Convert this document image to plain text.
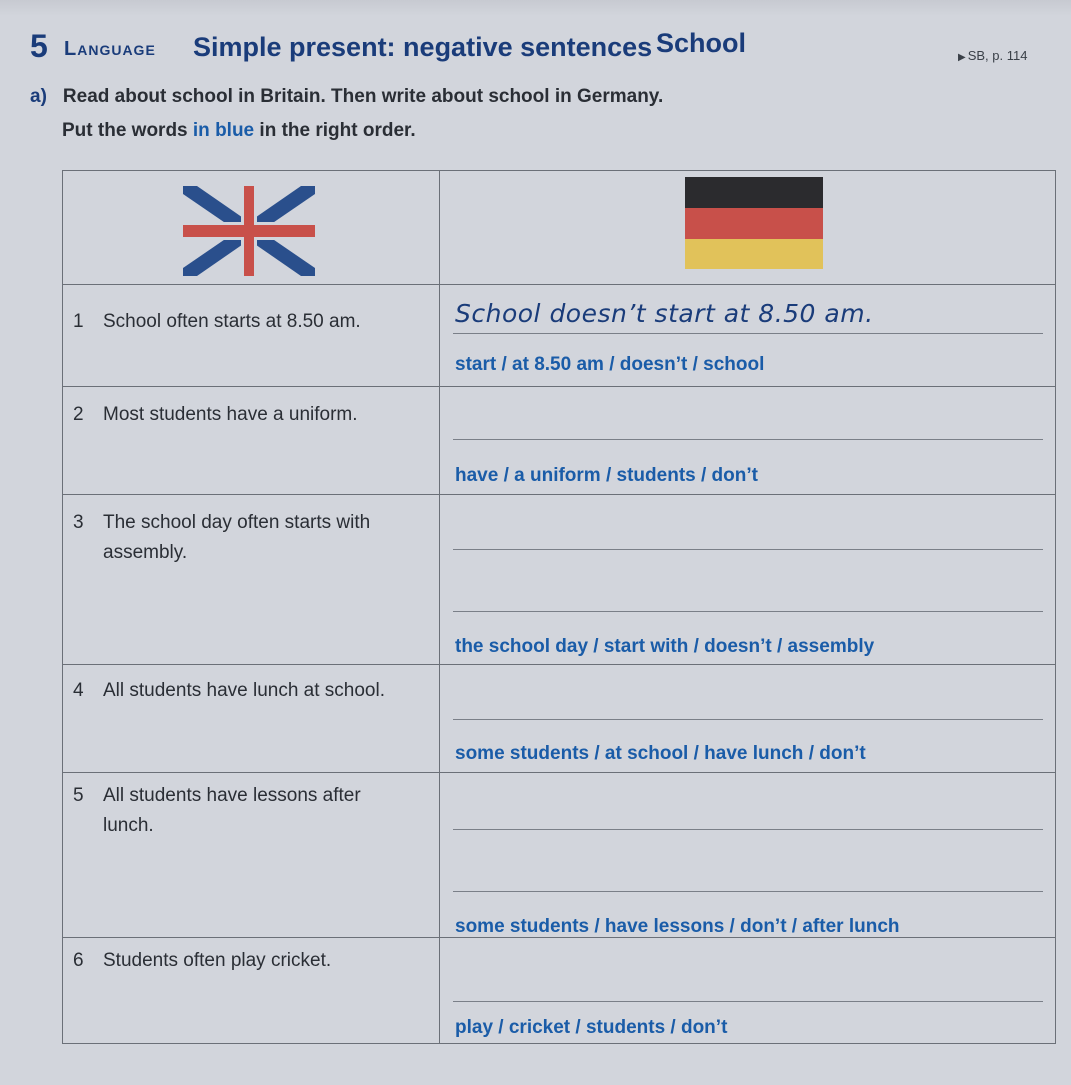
5 Language Simple present: negative sentences School	▶ SB, p. 114
a) Read about school in Britain. Then write about school in Germany.
Put the words in blue in the right order.
1 School often starts at 8.50 am.	School doesn’t start at 8.50 am.
start / at 8.50 am / doesn’t / school
2 Most students have a uniform.
have / a uniform / students / don’t
3 The school day often starts with
assembly.
the school day / start with / doesn’t / assembly
4 All students have lunch at school.
some students / at school / have lunch / don’t
5 All students have lessons after
lunch.
some students / have lessons / don’t / after lunch
6 Students often play cricket.
play / cricket / students / don’t
